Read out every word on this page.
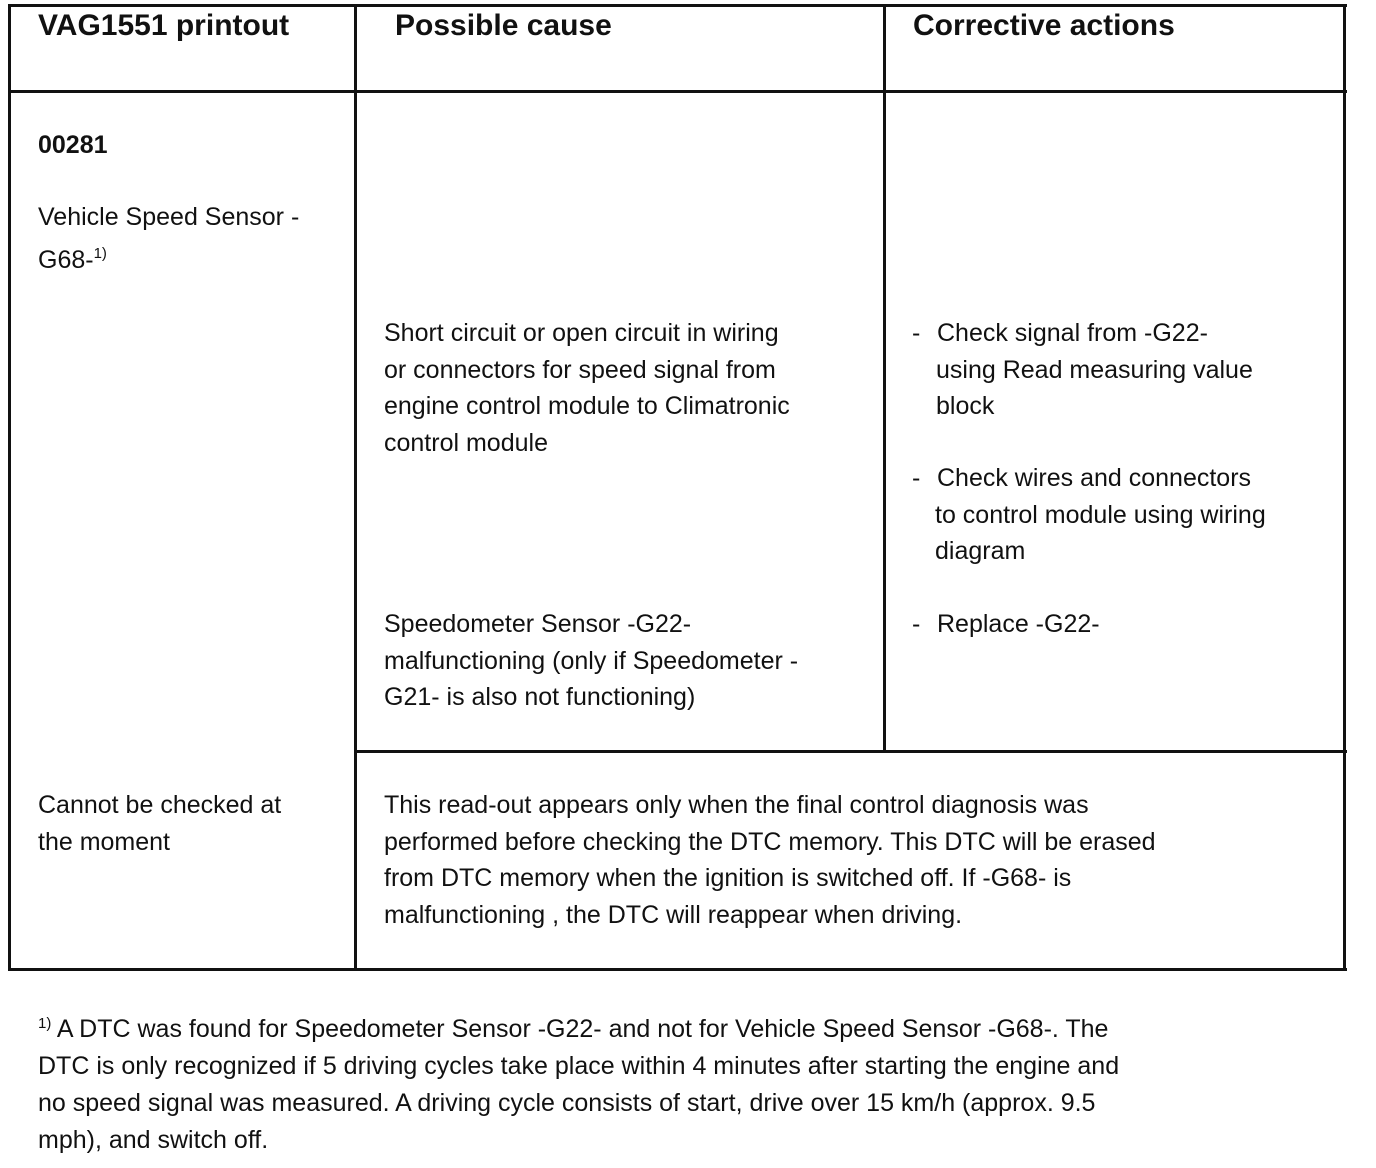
VAG1551 printout	Possible cause	Corrective actions
00281
Vehicle Speed Sensor -
G68-$^{1)}$
Short circuit or open circuit in wiring
or connectors for speed signal from
engine control module to Climatronic
control module
Speedometer Sensor -G22-
malfunctioning (only if Speedometer -
G21- is also not functioning)
- Check signal from -G22-
using Read measuring value
block
- Check wires and connectors
to control module using wiring
diagram
- Replace -G22-
Cannot be checked at
the moment
This read-out appears only when the final control diagnosis was
performed before checking the DTC memory. This DTC will be erased
from DTC memory when the ignition is switched off. If -G68- is
malfunctioning , the DTC will reappear when driving.
$^{1)}$ A DTC was found for Speedometer Sensor -G22- and not for Vehicle Speed Sensor -G68-. The
DTC is only recognized if 5 driving cycles take place within 4 minutes after starting the engine and
no speed signal was measured. A driving cycle consists of start, drive over 15 km/h (approx. 9.5
mph), and switch off.
